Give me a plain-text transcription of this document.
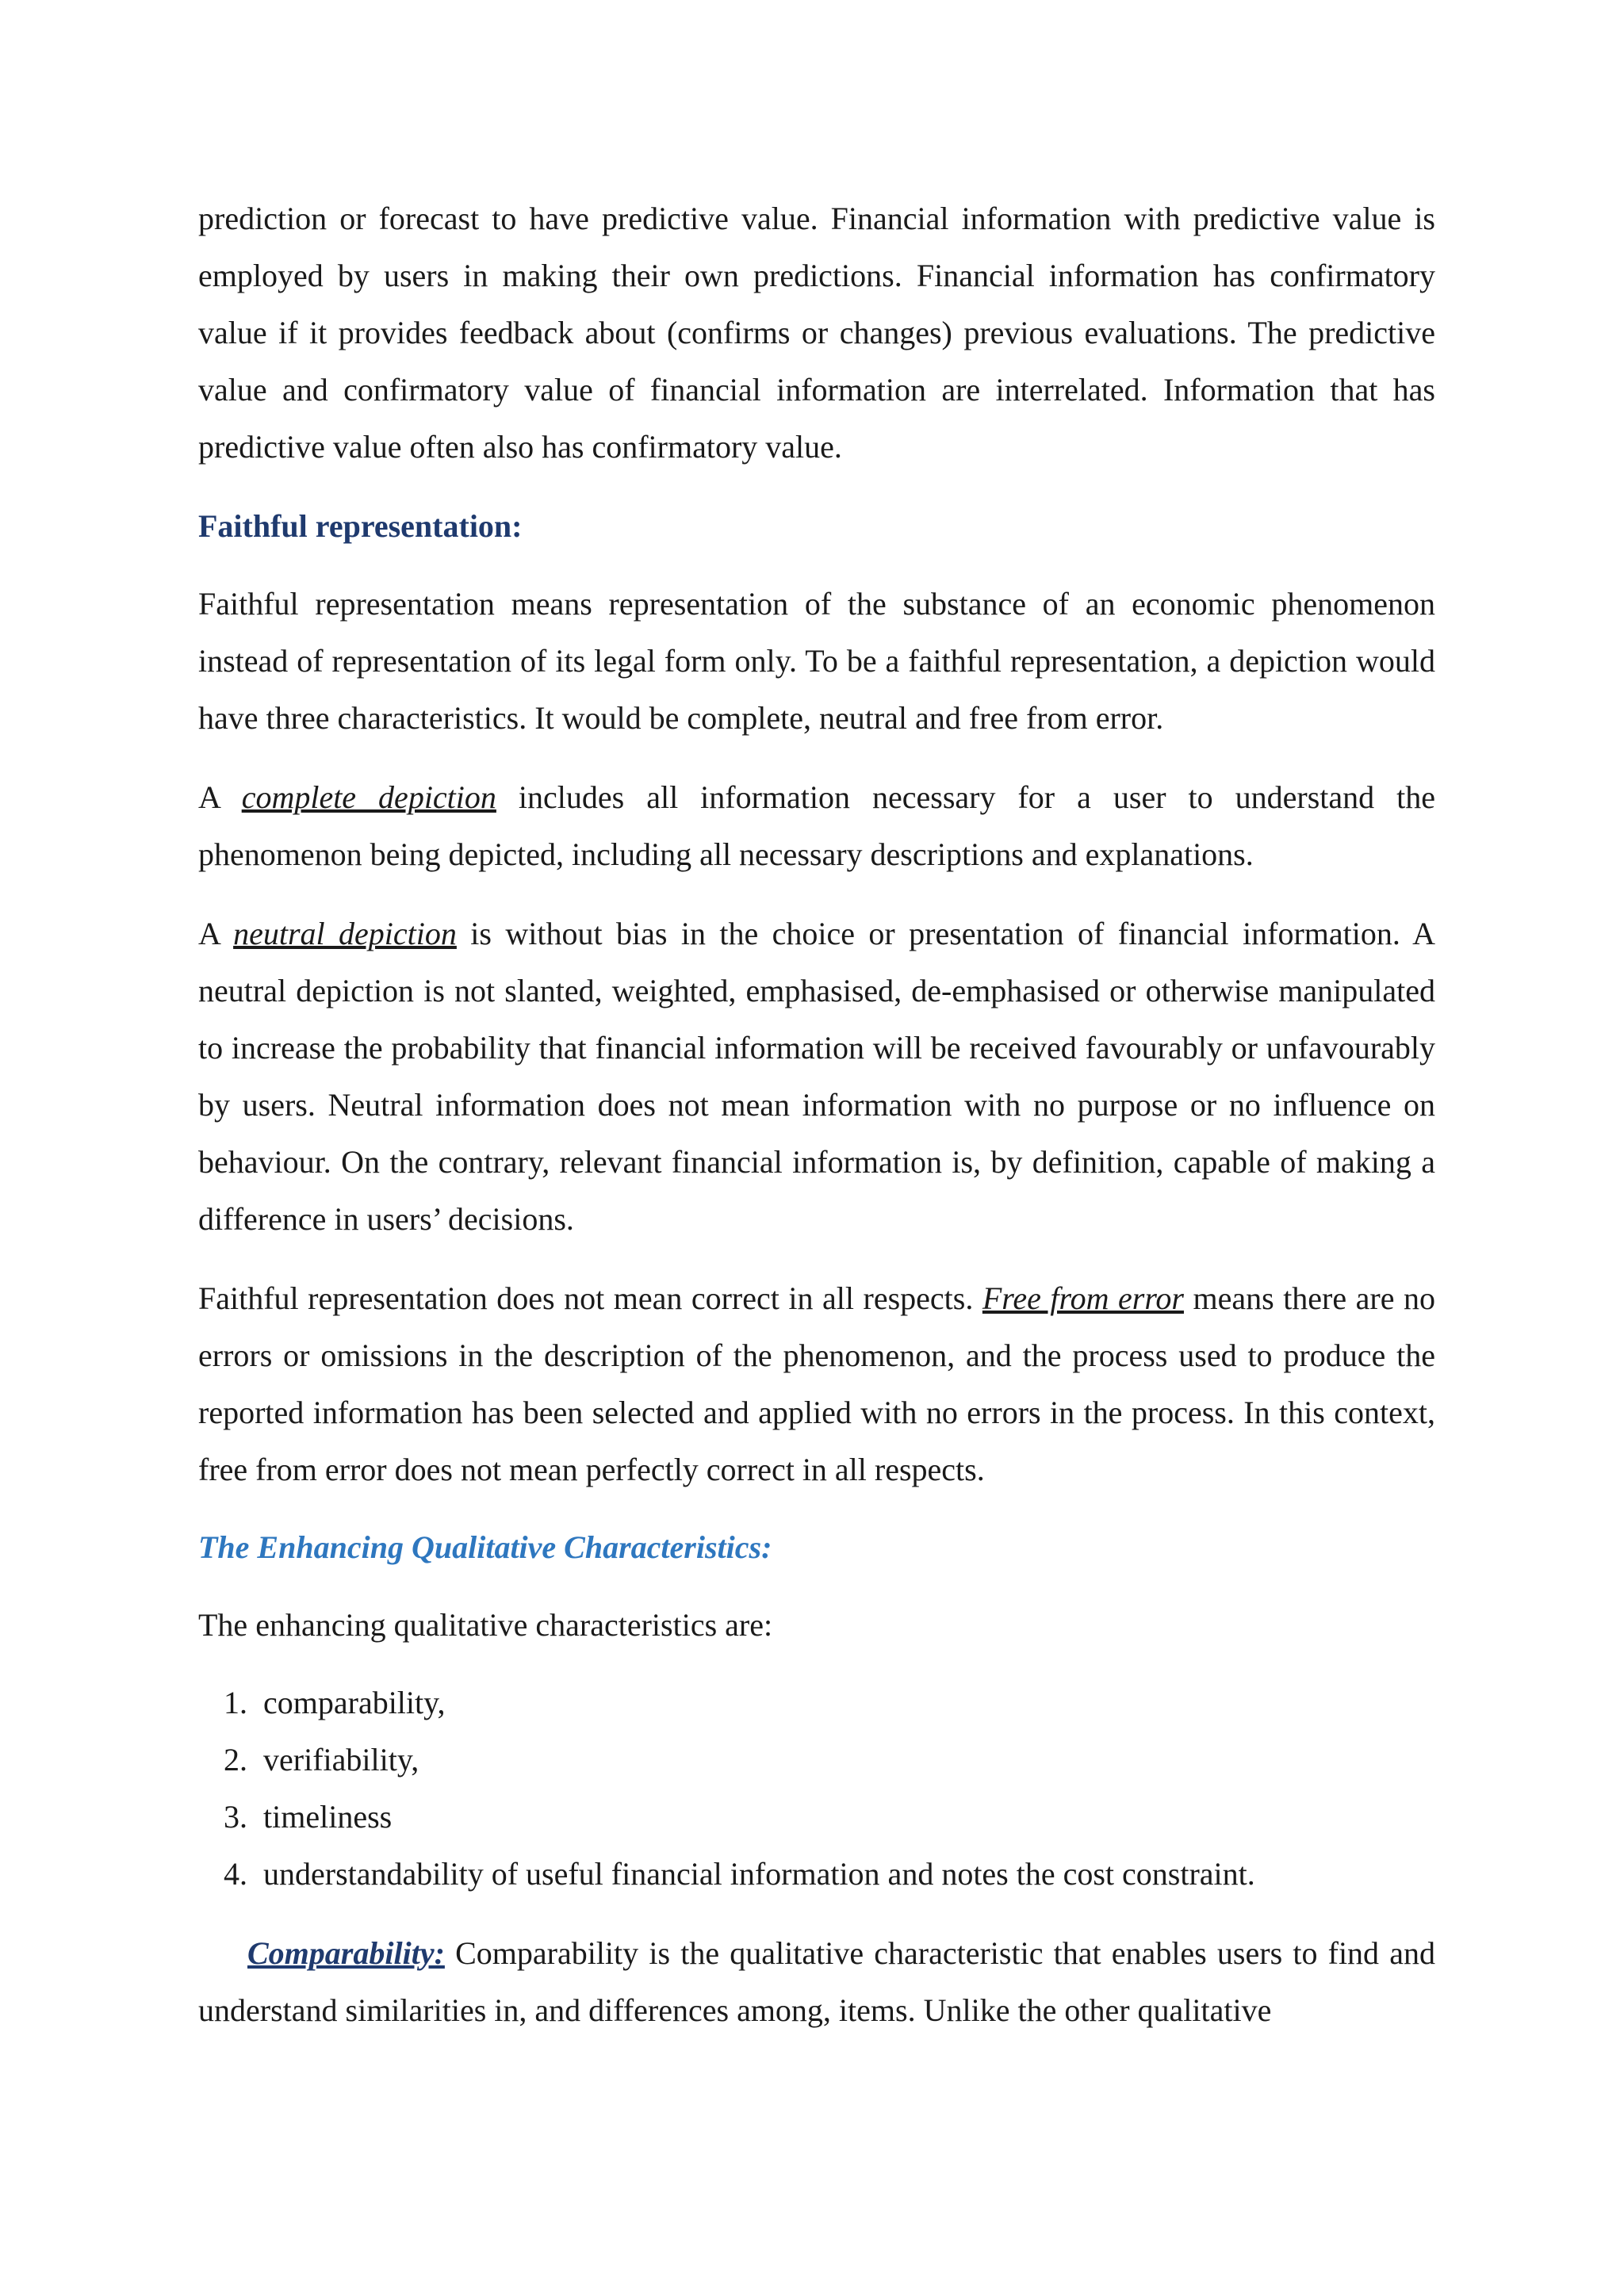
prediction or forecast to have predictive value. Financial information with predictive value is employed by users in making their own predictions. Financial information has confirmatory value if it provides feedback about (confirms or changes) previous evaluations. The predictive value and confirmatory value of financial information are interrelated. Information that has predictive value often also has confirmatory value.

Faithful representation:

Faithful representation means representation of the substance of an economic phenomenon instead of representation of its legal form only. To be a faithful representation, a depiction would have three characteristics. It would be complete, neutral and free from error.

A complete depiction includes all information necessary for a user to understand the phenomenon being depicted, including all necessary descriptions and explanations.

A neutral depiction is without bias in the choice or presentation of financial information. A neutral depiction is not slanted, weighted, emphasised, de-emphasised or otherwise manipulated to increase the probability that financial information will be received favourably or unfavourably by users. Neutral information does not mean information with no purpose or no influence on behaviour. On the contrary, relevant financial information is, by definition, capable of making a difference in users’ decisions.

Faithful representation does not mean correct in all respects. Free from error means there are no errors or omissions in the description of the phenomenon, and the process used to produce the reported information has been selected and applied with no errors in the process. In this context, free from error does not mean perfectly correct in all respects.

The Enhancing Qualitative Characteristics:

The enhancing qualitative characteristics are:

1. comparability,
2. verifiability,
3. timeliness
4. understandability of useful financial information and notes the cost constraint.

Comparability: Comparability is the qualitative characteristic that enables users to find and understand similarities in, and differences among, items. Unlike the other qualitative
